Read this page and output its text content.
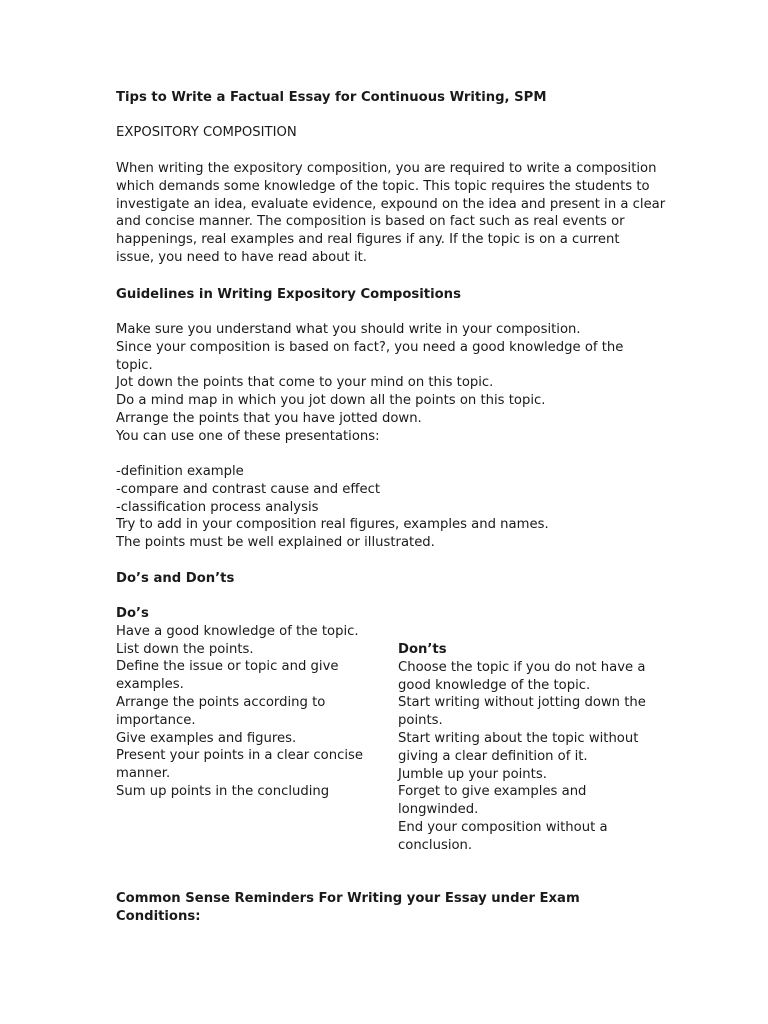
Tips to Write a Factual Essay for Continuous Writing, SPM
EXPOSITORY COMPOSITION

When writing the expository composition, you are required to write a composition

which demands some knowledge of the topic. This topic requires the students to

investigate an idea, evaluate evidence, expound on the idea and present in a clear

and concise manner. The composition is based on fact such as real events or

happenings, real examples and real figures if any. If the topic is on a current

issue, you need to have read about it.

Guidelines in Writing Expository Compositions

Make sure you understand what you should write in your composition.

Since your composition is based on fact?, you need a good knowledge of the

topic.

Jot down the points that come to your mind on this topic.

Do a mind map in which you jot down all the points on this topic.

Arrange the points that you have jotted down.

You can use one of these presentations:

-definition example

-compare and contrast cause and effect

-classification process analysis

Try to add in your composition real figures, examples and names.

The points must be well explained or illustrated.

Do’s and Don’ts

Do’s

Have a good knowledge of the topic.

List down the points.

Define the issue or topic and give

examples.

Arrange the points according to

importance.

Give examples and figures.

Present your points in a clear concise

manner.

Sum up points in the concluding

Don’ts

Choose the topic if you do not have a

good knowledge of the topic.

Start writing without jotting down the

points.

Start writing about the topic without

giving a clear definition of it.

Jumble up your points.

Forget to give examples and

longwinded.

End your composition without a

conclusion.

Common Sense Reminders For Writing your Essay under Exam

Conditions:
